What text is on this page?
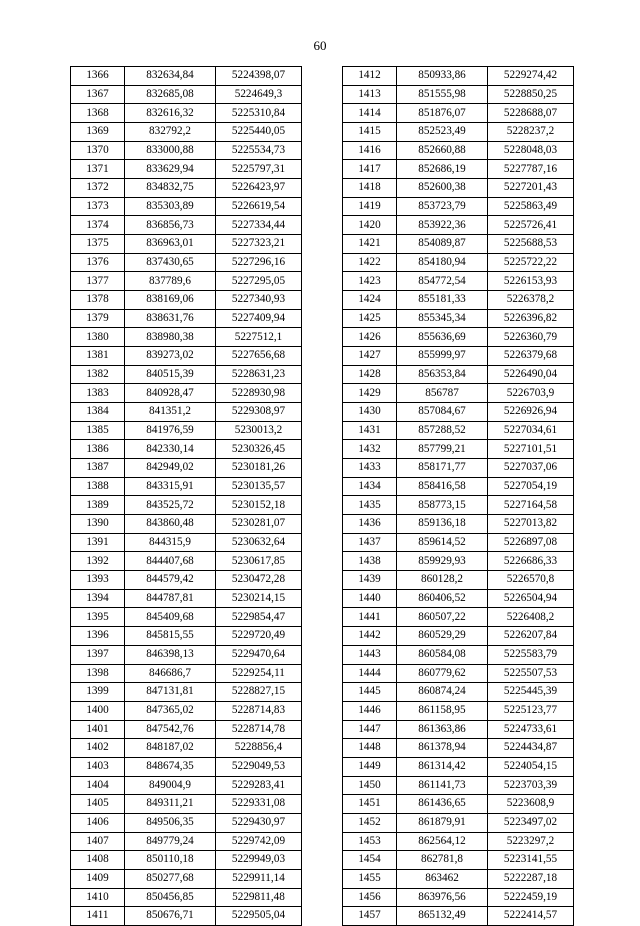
60
1366	832634,84	5224398,07
1367	832685,08	5224649,3
1368	832616,32	5225310,84
1369	832792,2	5225440,05
1370	833000,88	5225534,73
1371	833629,94	5225797,31
1372	834832,75	5226423,97
1373	835303,89	5226619,54
1374	836856,73	5227334,44
1375	836963,01	5227323,21
1376	837430,65	5227296,16
1377	837789,6	5227295,05
1378	838169,06	5227340,93
1379	838631,76	5227409,94
1380	838980,38	5227512,1
1381	839273,02	5227656,68
1382	840515,39	5228631,23
1383	840928,47	5228930,98
1384	841351,2	5229308,97
1385	841976,59	5230013,2
1386	842330,14	5230326,45
1387	842949,02	5230181,26
1388	843315,91	5230135,57
1389	843525,72	5230152,18
1390	843860,48	5230281,07
1391	844315,9	5230632,64
1392	844407,68	5230617,85
1393	844579,42	5230472,28
1394	844787,81	5230214,15
1395	845409,68	5229854,47
1396	845815,55	5229720,49
1397	846398,13	5229470,64
1398	846686,7	5229254,11
1399	847131,81	5228827,15
1400	847365,02	5228714,83
1401	847542,76	5228714,78
1402	848187,02	5228856,4
1403	848674,35	5229049,53
1404	849004,9	5229283,41
1405	849311,21	5229331,08
1406	849506,35	5229430,97
1407	849779,24	5229742,09
1408	850110,18	5229949,03
1409	850277,68	5229911,14
1410	850456,85	5229811,48
1411	850676,71	5229505,04
1412	850933,86	5229274,42
1413	851555,98	5228850,25
1414	851876,07	5228688,07
1415	852523,49	5228237,2
1416	852660,88	5228048,03
1417	852686,19	5227787,16
1418	852600,38	5227201,43
1419	853723,79	5225863,49
1420	853922,36	5225726,41
1421	854089,87	5225688,53
1422	854180,94	5225722,22
1423	854772,54	5226153,93
1424	855181,33	5226378,2
1425	855345,34	5226396,82
1426	855636,69	5226360,79
1427	855999,97	5226379,68
1428	856353,84	5226490,04
1429	856787	5226703,9
1430	857084,67	5226926,94
1431	857288,52	5227034,61
1432	857799,21	5227101,51
1433	858171,77	5227037,06
1434	858416,58	5227054,19
1435	858773,15	5227164,58
1436	859136,18	5227013,82
1437	859614,52	5226897,08
1438	859929,93	5226686,33
1439	860128,2	5226570,8
1440	860406,52	5226504,94
1441	860507,22	5226408,2
1442	860529,29	5226207,84
1443	860584,08	5225583,79
1444	860779,62	5225507,53
1445	860874,24	5225445,39
1446	861158,95	5225123,77
1447	861363,86	5224733,61
1448	861378,94	5224434,87
1449	861314,42	5224054,15
1450	861141,73	5223703,39
1451	861436,65	5223608,9
1452	861879,91	5223497,02
1453	862564,12	5223297,2
1454	862781,8	5223141,55
1455	863462	5222287,18
1456	863976,56	5222459,19
1457	865132,49	5222414,57
